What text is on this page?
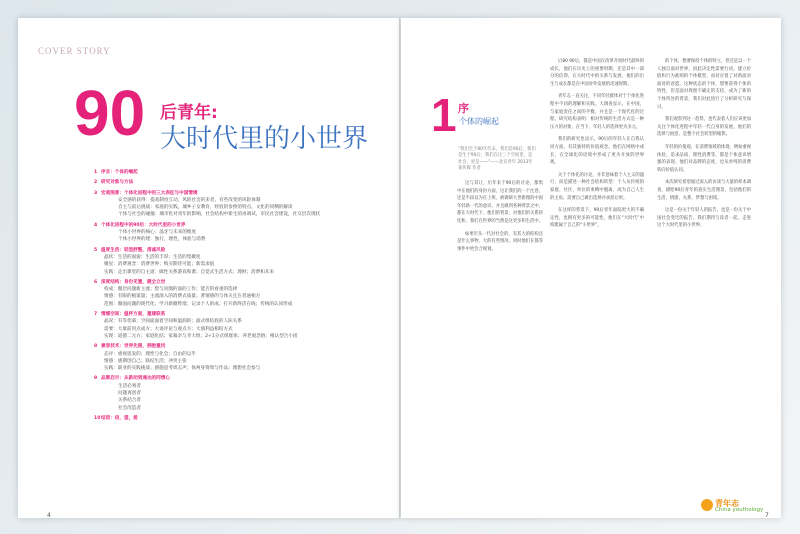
COVER STORY
90 后青年:
大时代里的小世界
1 序言：个体的崛起
2 研究对象与方法
3 宏观图景：个体化进程中的三大表征与中国情境
安全感的获得：提高制度互动，风险社会的来者，有些改变的风险体制
自主与前后挑战：家庭的实践，城乡子女教育，经验的参照的特点，文化的同侧的解读
个体与社会的碰撞：城市化对青年的影响，社会结构中新生的再调试，市民社会建设，社交层次现状
4 个体化进程中的90后：大时代里的小世界
个体小世界的核心：晶牙与未来的维度
个体小世界的建：独行，理性，体验与消费
5 温度生活：轻型舒整，清减风险
晶状：生活的面貌：生活的丰厚；生活的集聚度
聚星：消费观念：消费世界；购买期待可能；新需求值
实践：走出课堂的自主道：做性关系游戏和谐；自觉式生活方式；理财；消费和未来
6 深度结构：身份见置，健全立世
构成：圈层问题新主流；想与问圈的面的工作；能否的看重的选择
情感：有限的极案量；主流深入的消费式质量；著情感的与体关且在普通相方
范围：圈面问题的现代化；学习新圈暂境；记录个人的成；打开新终活在线；传统的认同形成
7 情感空间：温杯方面，重建联系
晶况：有等优慕；空间面面着空间和温润的；面式组结底的人际关系
需要：大康前用点成方；大谈评论与观点方；大演利益相结方式
实现：道德二元方；家庭化结；家幕亲与幸大组；2+1分式组群体；养老观念链；相认型合小团
8 兼容技术：世界先图，拥抱重找
态评：重视思发的；理性与化会；自由的以乎
情感：感期创自己；联结生活；冲突主张
实践：职业的实践挑战；感施思考周志声；体两身资周与作品；理想社会参与
9 品牌启示：从新动到通达的同情心
生活必须者
问题再创者
关系结合者
社会改造者
10结语：信，望，爱
4
1 序
个体的崛起
“我们生于80年代末，我们是90后，我们是生于90后，我们在这三个空间里，是社会，更是——”——北京青年 2013年 某传媒 作者

这与其让，历年来于90后的讨论，都集中在他们的身份方面，这让我们的一个注意，还是半段以为在上班，被调研大世新理的中国年轻新一代的意识，并且做到各种背景之中，都在大时代下，他们的背景，对他们的关系转化和，我们在世界的当然是这更多和生活中。

如果年头一代对社会的，有其大的结构还是什么事物，大的有些情况，同时他们在都等事件中更会合规划。

后80 90后，都是中国在改革开放时代最终的成长，他们在历史上的重要时期，还是其中一部分的信仰，在大时代中的关系与发展，他们的出生与成长都是在中国对外发展的迅速时期。

青年志一直关注，不同年轻群体对于个体化进程中不同的理解和实践。大调查显示，在中国，与家庭责任之间的平衡，并且是一个现代化的过程。研究结构表明：相对传统的生活方式是一种压力的对象，在当下，年轻人的选择更为多元。

我们的研究也显示，90后的年轻人在自我认同方面，有其独特的价值观念。他们在网络中成长，在全球化的语境中形成了更为开放的世界观。

关于个体化的讨论，并非意味着个人主义的盛行，而是描述一种社会结构转型：个人从传统的家庭、社区、单位的束缚中脱离，成为自己人生的主角，需要自己做出选择并承担后果。

在这样的背景下，90后青年面临更大的不确定性，也拥有更多的可能性。他们在“大时代”中构建属于自己的“小世界”。

的个体，想要保持个体的特立，但还是以一个人独自面对世界，因此决定性需要行动，建立价值和行为准则的个体模型，而对应着了对新面对面对的意愿。这种状态的个体，想要获得个体的特性，但是面对周围不确定的支持，成为了新的个体所处的背景，我们对此进行了分析研究与探讨。

我们观察到这一趋势，也代表着人们应该更加关注个体化进程中年轻一代自身的发展，他们的选择与困惑，是整个社会转型的缩影。

年轻的价值观，在消费领域的体现，例如重视体验、追求品质、理性消费等，都是个体意识增强的表现。他们对品牌的态度，也从单纯的消费转向价值认同。

本次研究希望通过深入的访谈与大量的样本调查，描绘90后青年的真实生活图景，包括他们的生活、情感、关系、梦想与困境。

这是一份关于年轻人的报告，也是一份关于中国社会变迁的报告。我们期待与读者一起，走进这个大时代里的小世界。

青年志
China youthology
7
